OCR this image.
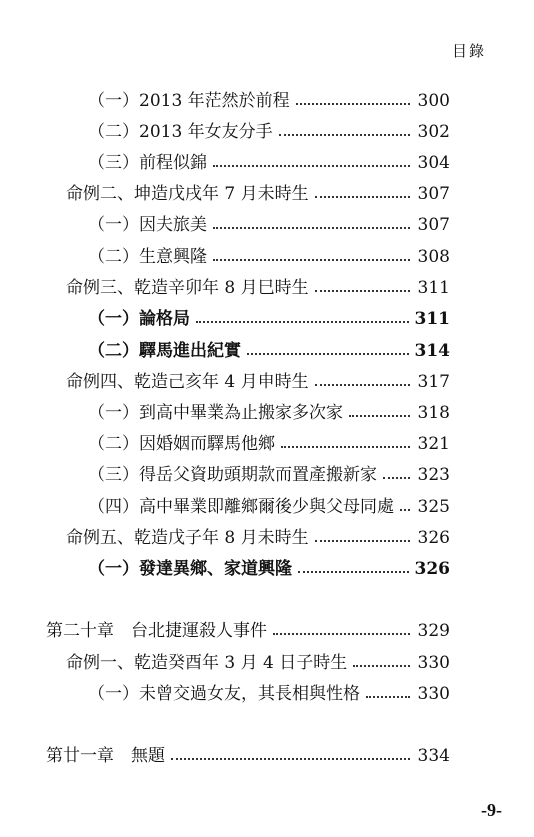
目錄
（一）2013 年茫然於前程	300
（二）2013 年女友分手	302
（三）前程似錦	304
命例二、坤造戊戌年 7 月未時生	307
（一）因夫旅美	307
（二）生意興隆	308
命例三、乾造辛卯年 8 月巳時生	311
（一）論格局	311
（二）驛馬進出紀實	314
命例四、乾造己亥年 4 月申時生	317
（一）到高中畢業為止搬家多次家	318
（二）因婚姻而驛馬他鄉	321
（三）得岳父資助頭期款而置產搬新家 323
（四）高中畢業即離鄉爾後少與父母同處 325
命例五、乾造戊子年 8 月未時生	326
（一）發達異鄉、家道興隆	326
第二十章　台北捷運殺人事件	329
命例一、乾造癸酉年 3 月 4 日子時生	330
（一）未曾交過女友，其長相與性格	330
第廿一章　無題	334
-9-
